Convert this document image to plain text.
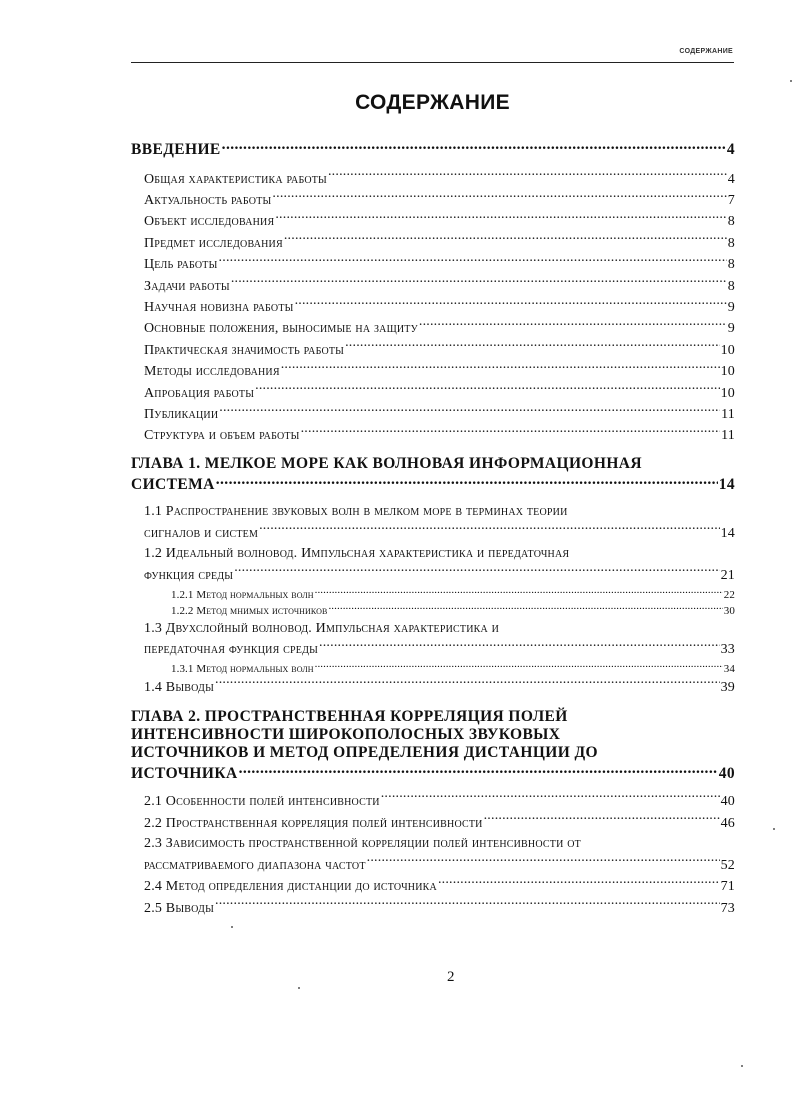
СОДЕРЖАНИЕ
СОДЕРЖАНИЕ
ВВЕДЕНИЕ .....	4
Общая характеристика работы .....	4
Актуальность работы .....	7
Объект исследования .....	8
Предмет исследования .....	8
Цель работы .....	8
Задачи работы .....	8
Научная новизна работы .....	9
Основные положения, выносимые на защиту .....	9
Практическая значимость работы .....	10
Методы исследования .....	10
Апробация работы .....	10
Публикации .....	11
Структура и объем работы .....	11
ГЛАВА 1. МЕЛКОЕ МОРЕ КАК ВОЛНОВАЯ ИНФОРМАЦИОННАЯ
СИСТЕМА .....	14
1.1 Распространение звуковых волн в мелком море в терминах теории
сигналов и систем .....	14
1.2 Идеальный волновод. Импульсная характеристика и передаточная
функция среды .....	21
1.2.1 Метод нормальных волн .....	22
1.2.2 Метод мнимых источников .....	30
1.3 Двухслойный волновод. Импульсная характеристика и
передаточная функция среды .....	33
1.3.1 Метод нормальных волн .....	34
1.4 Выводы .....	39
ГЛАВА 2. ПРОСТРАНСТВЕННАЯ КОРРЕЛЯЦИЯ ПОЛЕЙ
ИНТЕНСИВНОСТИ ШИРОКОПОЛОСНЫХ ЗВУКОВЫХ
ИСТОЧНИКОВ И МЕТОД ОПРЕДЕЛЕНИЯ ДИСТАНЦИИ ДО
ИСТОЧНИКА .....	40
2.1 Особенности полей интенсивности .....	40
2.2 Пространственная корреляция полей интенсивности .....	46
2.3 Зависимость пространственной корреляции полей интенсивности от
рассматриваемого диапазона частот .....	52
2.4 Метод определения дистанции до источника .....	71
2.5 Выводы .....	73
2
